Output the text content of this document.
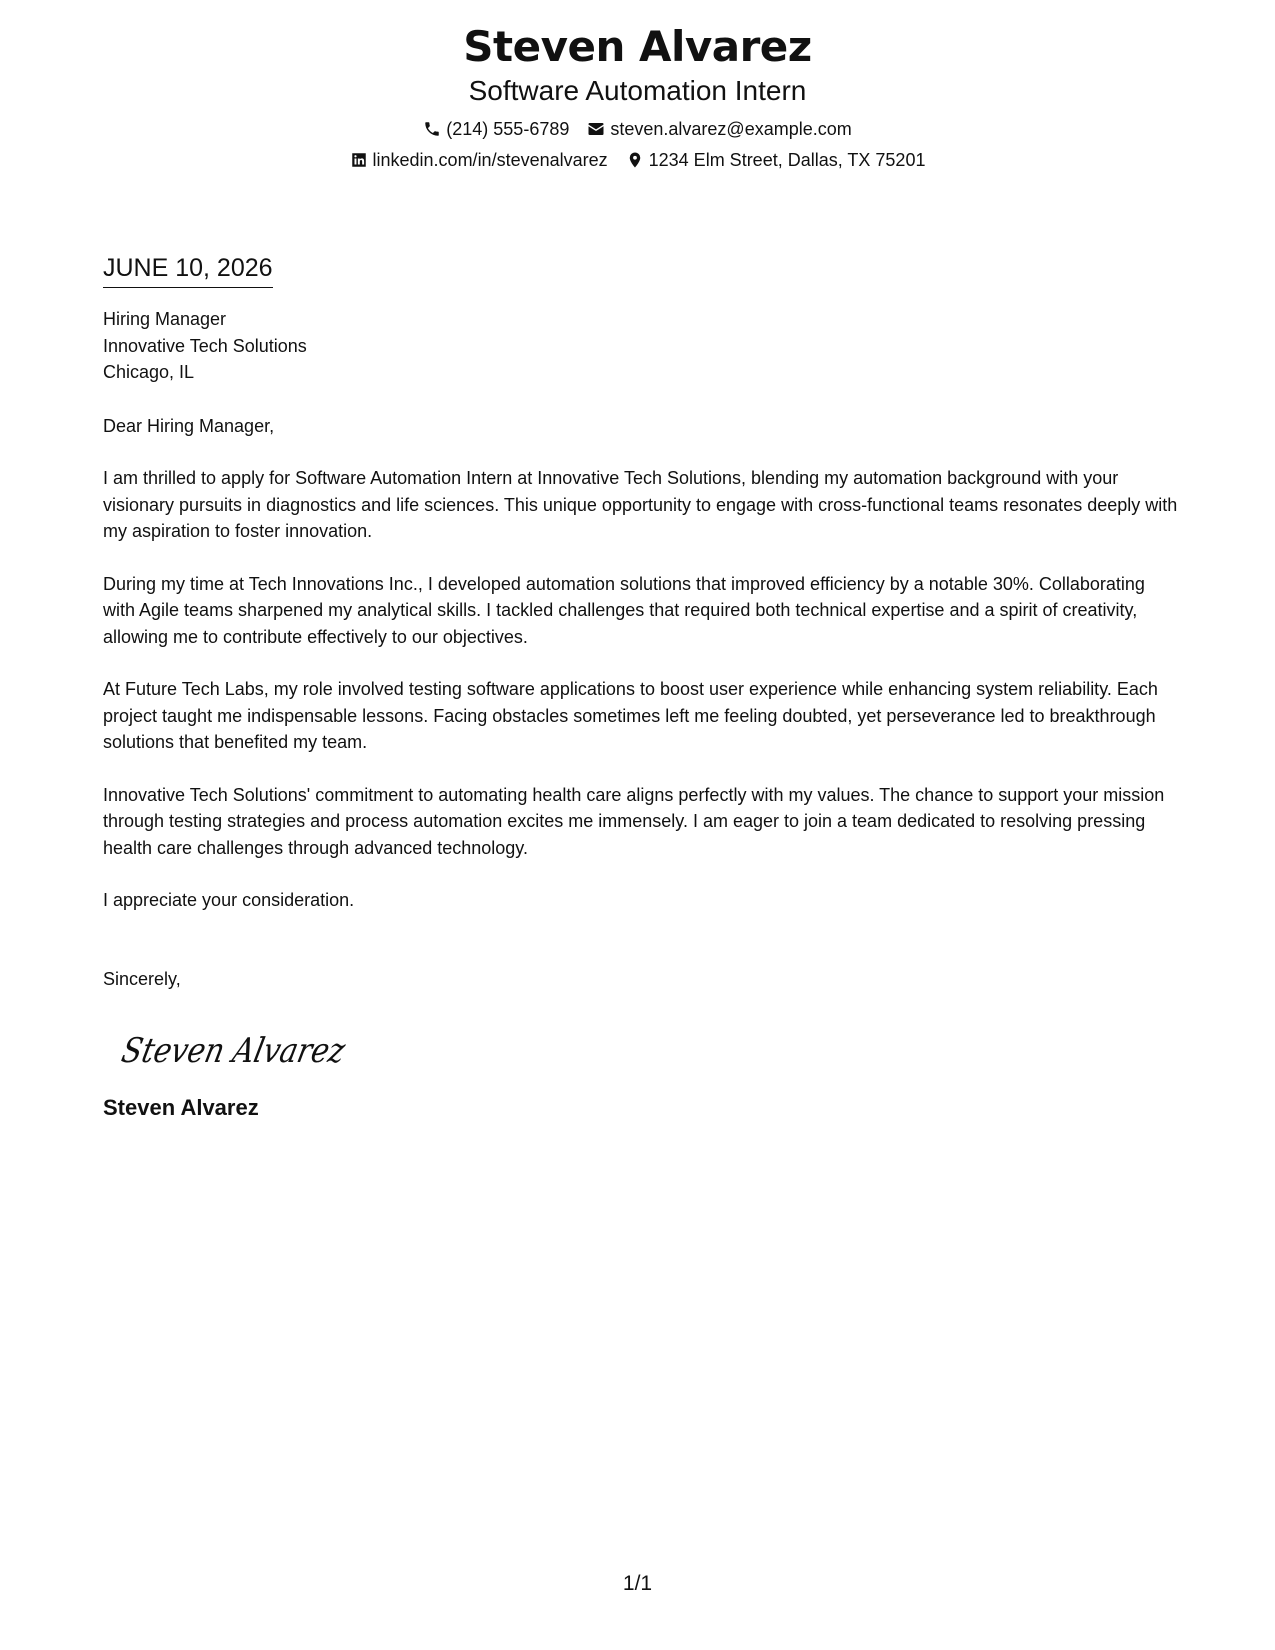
Steven Alvarez
Software Automation Intern
(214) 555-6789 steven.alvarez@example.com
linkedin.com/in/stevenalvarez 1234 Elm Street, Dallas, TX 75201
JUNE 10, 2026
Hiring Manager
Innovative Tech Solutions
Chicago, IL

Dear Hiring Manager,

I am thrilled to apply for Software Automation Intern at Innovative Tech Solutions, blending my automation background with your visionary pursuits in diagnostics and life sciences. This unique opportunity to engage with cross-functional teams resonates deeply with my aspiration to foster innovation.

During my time at Tech Innovations Inc., I developed automation solutions that improved efficiency by a notable 30%. Collaborating with Agile teams sharpened my analytical skills. I tackled challenges that required both technical expertise and a spirit of creativity, allowing me to contribute effectively to our objectives.

At Future Tech Labs, my role involved testing software applications to boost user experience while enhancing system reliability. Each project taught me indispensable lessons. Facing obstacles sometimes left me feeling doubted, yet perseverance led to breakthrough solutions that benefited my team.

Innovative Tech Solutions' commitment to automating health care aligns perfectly with my values. The chance to support your mission through testing strategies and process automation excites me immensely. I am eager to join a team dedicated to resolving pressing health care challenges through advanced technology.

I appreciate your consideration.

Sincerely,

Steven Alvarez
Steven Alvarez
1/1
